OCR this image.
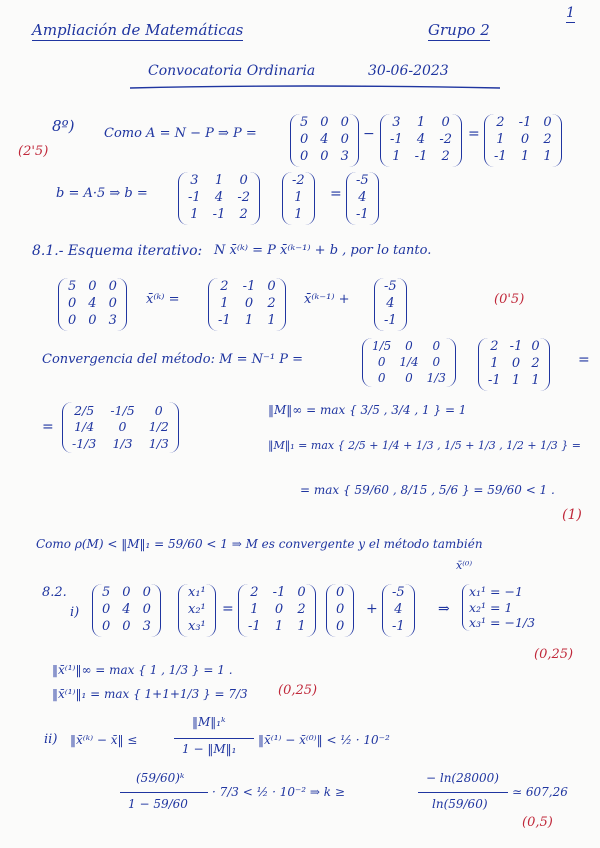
Ampliación de Matemáticas	Grupo 2
1
Convocatoria Ordinaria	30-06-2023
8º)
(2'5)
Como A = N − P ⇒ P =
5 0 0
0 4 0
0 0 3
−
3 1 0
-1 4 -2
1 -1 2
=
2 -1 0
1 0 2
-1 1 1
b = A·5 ⇒ b =
3 1 0
-1 4 -2
1 -1 2
-2
1
1
=
-5
4
-1
8.1.- Esquema iterativo: N x̄⁽ᵏ⁾ = P x̄⁽ᵏ⁻¹⁾ + b , por lo tanto.
5 0 0
0 4 0
0 0 3
x̄⁽ᵏ⁾ =
2 -1 0
1 0 2
-1 1 1
x̄⁽ᵏ⁻¹⁾ +
-5
4
-1
(0'5)
Convergencia del método: M = N⁻¹ P =
1/5	0	0
0	1/4	0
0	0	1/3
2 -1 0
1 0 2
-1 1 1
=
=
2/5 -1/5	0
1/4	0	1/2
-1/3 1/3 1/3
‖M‖∞ = max { 3/5 , 3/4 , 1 } = 1
‖M‖₁ = max { 2/5 + 1/4 + 1/3 , 1/5 + 1/3 , 1/2 + 1/3 } =
= max { 59/60 , 8/15 , 5/6 } = 59/60 < 1 .
(1)
Como ρ(M) < ‖M‖₁ = 59/60 < 1 ⇒ M es convergente y el método también
x̄⁽⁰⁾
8.2.
i)
5 0 0
0 4 0
0 0 3
x₁¹
x₂¹
x₃¹
=
2 -1 0
1 0 2
-1 1 1
0
0
0
+
-5
4
-1
⇒
x₁¹ = −1
x₂¹ = 1
x₃¹ = −1/3
(0,25)
‖x̄⁽¹⁾‖∞ = max { 1 , 1/3 } = 1 .
‖x̄⁽¹⁾‖₁ = max { 1+1+1/3 } = 7/3 (0,25)
ii) ‖x̄⁽ᵏ⁾ − x̄‖ ≤
‖M‖₁ᵏ
1 − ‖M‖₁
‖x̄⁽¹⁾ − x̄⁽⁰⁾‖ < ½ · 10⁻²
(59/60)ᵏ
1 − 59/60
· 7/3 < ½ · 10⁻² ⇒ k ≥
− ln(28000)
ln(59/60)
≃ 607,26
(0,5)
